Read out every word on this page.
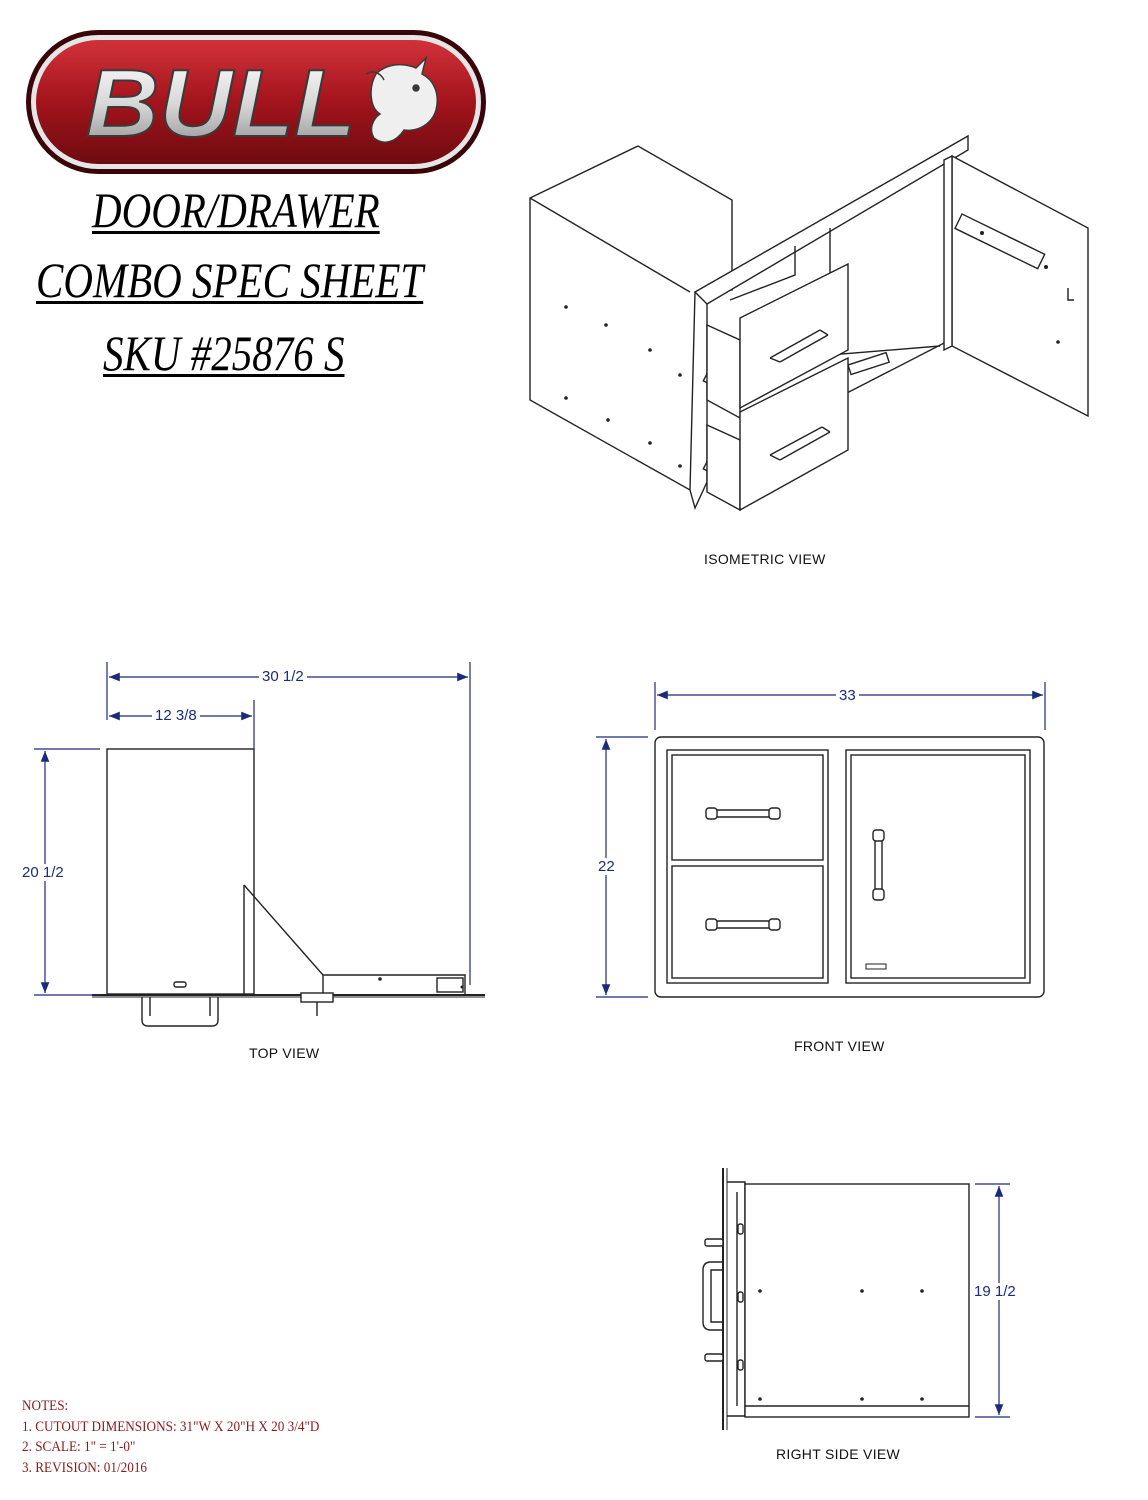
BULL
DOOR/DRAWER
COMBO SPEC SHEET
SKU #25876 S
ISOMETRIC VIEW
TOP VIEW	FRONT VIEW
RIGHT SIDE VIEW
30 1/2
12 3/8
20 1/2
33
22
19 1/2
NOTES:
1. CUTOUT DIMENSIONS: 31"W X 20"H X 20 3/4"D
2. SCALE: 1" = 1'-0"
3. REVISION: 01/2016
